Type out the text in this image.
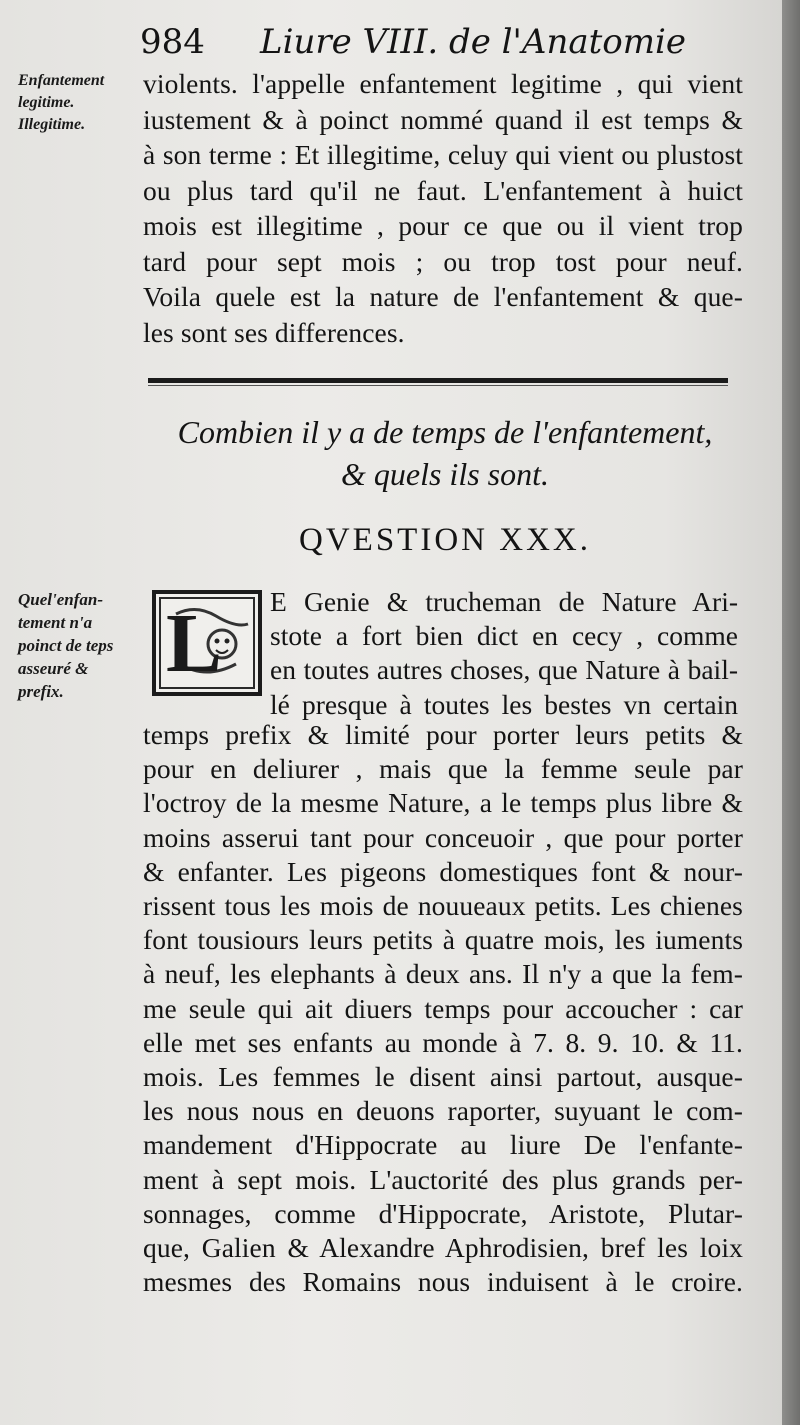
984 Liure VIII. de l'Anatomie
Enfantement
legitime.
Illegitime.
violents. l'appelle enfantement legitime , qui vient
iustement & à poinct nommé quand il est temps &
à son terme : Et illegitime, celuy qui vient ou plustost
ou plus tard qu'il ne faut. L'enfantement à huict
mois est illegitime , pour ce que ou il vient trop
tard pour sept mois ; ou trop tost pour neuf.
Voila quele est la nature de l'enfantement & que-
les sont ses differences.
Combien il y a de temps de l'enfantement,
& quels ils sont.
QVESTION XXX.
Quel'enfan-
tement n'a
poinct de teps
asseuré &
prefix.
L E Genie & trucheman de Nature Ari-
stote a fort bien dict en cecy , comme
en toutes autres choses, que Nature à bail-
lé presque à toutes les bestes vn certain
temps prefix & limité pour porter leurs petits &
pour en deliurer , mais que la femme seule par
l'octroy de la mesme Nature, a le temps plus libre &
moins asserui tant pour conceuoir , que pour porter
& enfanter. Les pigeons domestiques font & nour-
rissent tous les mois de nouueaux petits. Les chienes
font tousiours leurs petits à quatre mois, les iuments
à neuf, les elephants à deux ans. Il n'y a que la fem-
me seule qui ait diuers temps pour accoucher : car
elle met ses enfants au monde à 7. 8. 9. 10. & 11.
mois. Les femmes le disent ainsi partout, ausque-
les nous nous en deuons raporter, suyuant le com-
mandement d'Hippocrate au liure De l'enfante-
ment à sept mois. L'auctorité des plus grands per-
sonnages, comme d'Hippocrate, Aristote, Plutar-
que, Galien & Alexandre Aphrodisien, bref les loix
mesmes des Romains nous induisent à le croire.
